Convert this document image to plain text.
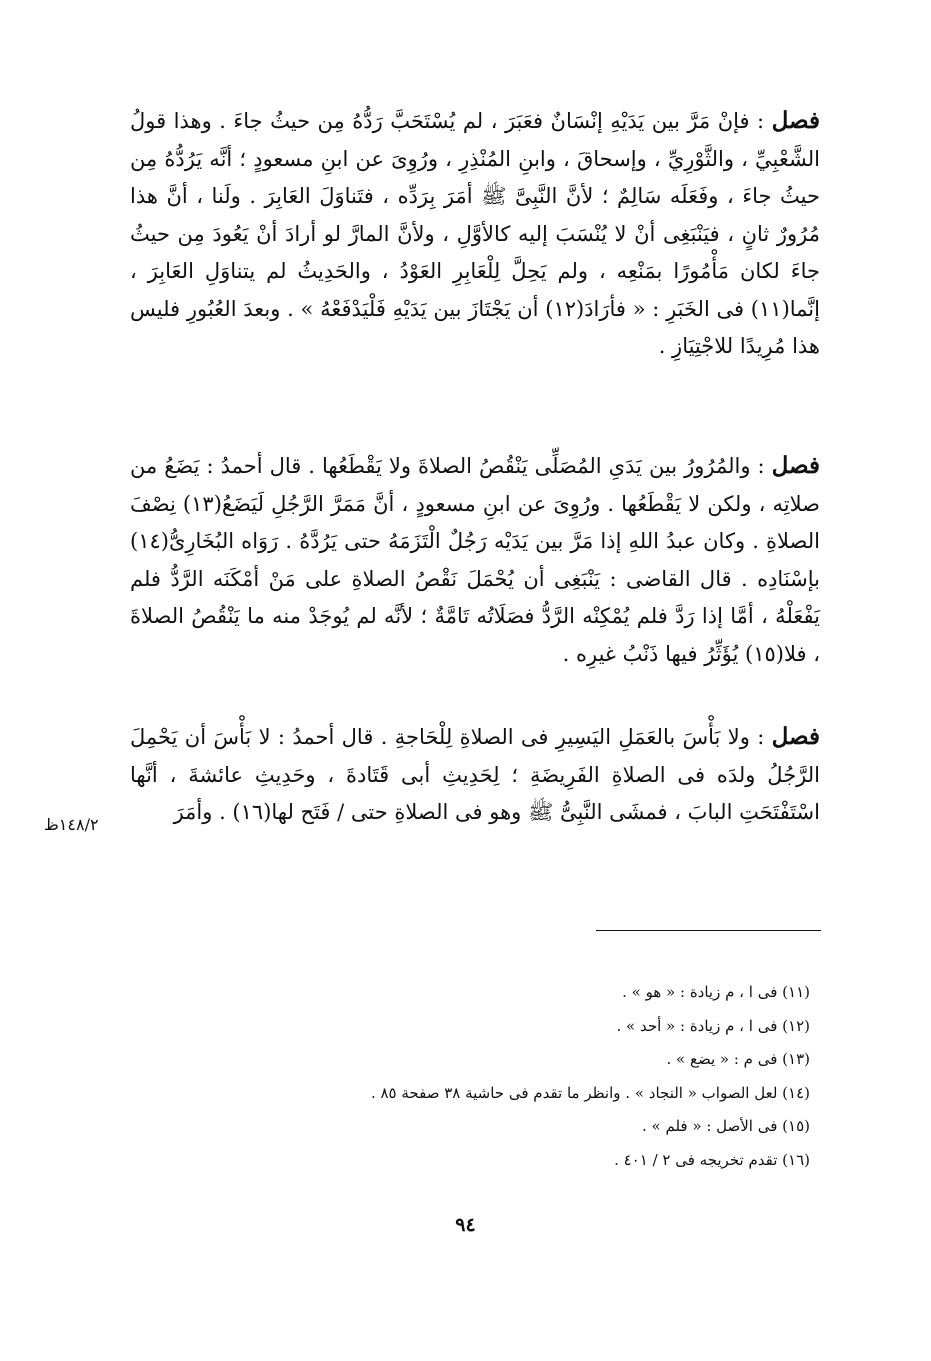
فصل : فإنْ مَرَّ بين يَدَيْهِ إنْسَانٌ فعَبَرَ ، لم يُسْتَحَبَّ رَدُّهُ مِن حيثُ جاءَ . وهذا قولُ الشَّعْبِيِّ ، والثَّوْرِيِّ ، وإسحاقَ ، وابنِ المُنْذِرِ ، ورُوِىَ عن ابنِ مسعودٍ ؛ أنَّه يَرُدُّهُ مِن حيثُ جاءَ ، وفَعَلَه سَالِمٌ ؛ لأنَّ النَّبِىَّ ﷺ أمَرَ بِرَدِّه ، فتَناوَلَ العَابِرَ . ولَنا ، أنَّ هذا مُرُورٌ ثانٍ ، فيَنْبَغِى أنْ لا يُنْسَبَ إليه كالأوَّلِ ، ولأنَّ المارَّ لو أرادَ أنْ يَعُودَ مِن حيثُ جاءَ لكان مَأْمُورًا بمَنْعِه ، ولم يَحِلَّ لِلْعَابِرِ العَوْدُ ، والحَدِيثُ لم يتناوَلِ العَابِرَ ، إنَّما(١١) فى الخَبَرِ : « فأرَادَ(١٢) أن يَجْتَازَ بين يَدَيْهِ فَلْيَدْفَعْهُ » . وبعدَ العُبُورِ فليس هذا مُرِيدًا للاجْتِيَازِ .

فصل : والمُرُورُ بين يَدَىِ المُصَلِّى يَنْقُصُ الصلاةَ ولا يَقْطَعُها . قال أحمدُ : يَضَعُ من صلاتِه ، ولكن لا يَقْطَعُها . ورُوِىَ عن ابنِ مسعودٍ ، أنَّ مَمَرَّ الرَّجُلِ لَيَضَعُ(١٣) نِصْفَ الصلاةِ . وكان عبدُ اللهِ إذا مَرَّ بين يَدَيْه رَجُلٌ الْتَزَمَهُ حتى يَرُدَّهُ . رَوَاه البُخَارِىُّ(١٤) بإسْنَادِه . قال القاضى : يَنْبَغِى أن يُحْمَلَ نَقْصُ الصلاةِ على مَنْ أمْكَنَه الرَّدُّ فلم يَفْعَلْهُ ، أمَّا إذا رَدَّ فلم يُمْكِنْه الرَّدُّ فصَلَاتُه تَامَّةٌ ؛ لأنَّه لم يُوجَدْ منه ما يَنْقُصُ الصلاةَ ، فلا(١٥) يُؤَثِّرُ فيها ذَنْبُ غيرِه .

فصل : ولا بَأْسَ بالعَمَلِ اليَسِيرِ فى الصلاةِ لِلْحَاجةِ . قال أحمدُ : لا بَأْسَ أن يَحْمِلَ الرَّجُلُ ولدَه فى الصلاةِ الفَرِيضَةِ ؛ لِحَدِيثِ أبى قَتَادةَ ، وحَدِيثِ عائشةَ ، أنَّها اسْتَفْتَحَتِ البابَ ، فمشَى النَّبِىُّ ﷺ وهو فى الصلاةِ حتى / فَتَح لها(١٦) . وأمَرَ

١٤٨/٢ظ
(١١) فى ا ، م زيادة : « هو » .
(١٢) فى ا ، م زيادة : « أحد » .
(١٣) فى م : « يضع » .
(١٤) لعل الصواب « النجاد » . وانظر ما تقدم فى حاشية ٣٨ صفحة ٨٥ .
(١٥) فى الأصل : « فلم » .
(١٦) تقدم تخريجه فى ٢ / ٤٠١ .
٩٤
